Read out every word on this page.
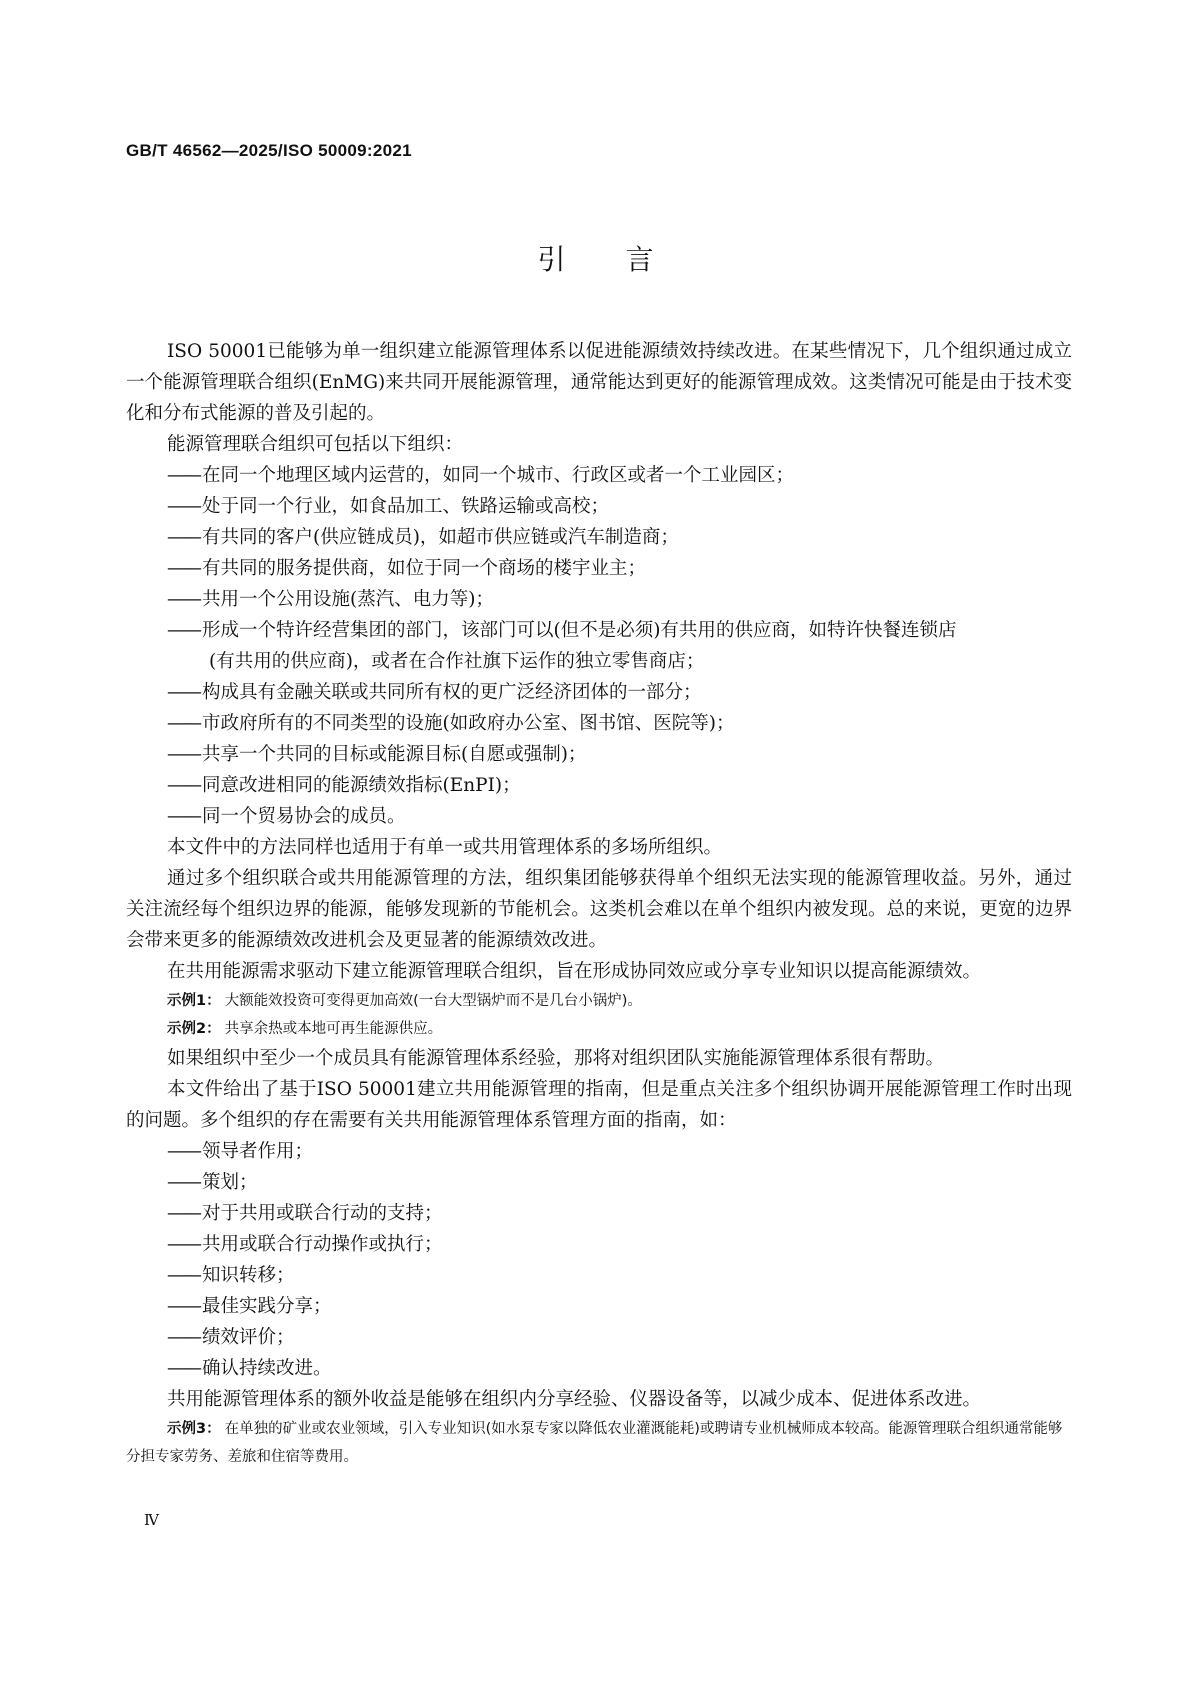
GB/T 46562—2025/ISO 50009:2021
引言
ISO 50001已能够为单一组织建立能源管理体系以促进能源绩效持续改进。在某些情况下，几个组织通过成立一个能源管理联合组织(EnMG)来共同开展能源管理，通常能达到更好的能源管理成效。这类情况可能是由于技术变化和分布式能源的普及引起的。
能源管理联合组织可包括以下组织：
—— 在同一个地理区域内运营的，如同一个城市、行政区或者一个工业园区；
—— 处于同一个行业，如食品加工、铁路运输或高校；
—— 有共同的客户(供应链成员)，如超市供应链或汽车制造商；
—— 有共同的服务提供商，如位于同一个商场的楼宇业主；
—— 共用一个公用设施(蒸汽、电力等)；
—— 形成一个特许经营集团的部门，该部门可以(但不是必须)有共用的供应商，如特许快餐连锁店
(有共用的供应商)，或者在合作社旗下运作的独立零售商店；
—— 构成具有金融关联或共同所有权的更广泛经济团体的一部分；
—— 市政府所有的不同类型的设施(如政府办公室、图书馆、医院等)；
—— 共享一个共同的目标或能源目标(自愿或强制)；
—— 同意改进相同的能源绩效指标(EnPI)；
—— 同一个贸易协会的成员。
本文件中的方法同样也适用于有单一或共用管理体系的多场所组织。
通过多个组织联合或共用能源管理的方法，组织集团能够获得单个组织无法实现的能源管理收益。另外，通过关注流经每个组织边界的能源，能够发现新的节能机会。这类机会难以在单个组织内被发现。总的来说，更宽的边界会带来更多的能源绩效改进机会及更显著的能源绩效改进。
在共用能源需求驱动下建立能源管理联合组织，旨在形成协同效应或分享专业知识以提高能源绩效。
示例1： 大额能效投资可变得更加高效(一台大型锅炉而不是几台小锅炉)。
示例2： 共享余热或本地可再生能源供应。
如果组织中至少一个成员具有能源管理体系经验，那将对组织团队实施能源管理体系很有帮助。
本文件给出了基于ISO 50001建立共用能源管理的指南，但是重点关注多个组织协调开展能源管理工作时出现的问题。多个组织的存在需要有关共用能源管理体系管理方面的指南，如：
—— 领导者作用；
—— 策划；
—— 对于共用或联合行动的支持；
—— 共用或联合行动操作或执行；
—— 知识转移；
—— 最佳实践分享；
—— 绩效评价；
—— 确认持续改进。
共用能源管理体系的额外收益是能够在组织内分享经验、仪器设备等，以减少成本、促进体系改进。
示例3： 在单独的矿业或农业领域，引入专业知识(如水泵专家以降低农业灌溉能耗)或聘请专业机械师成本较高。能源管理联合组织通常能够分担专家劳务、差旅和住宿等费用。
Ⅳ
